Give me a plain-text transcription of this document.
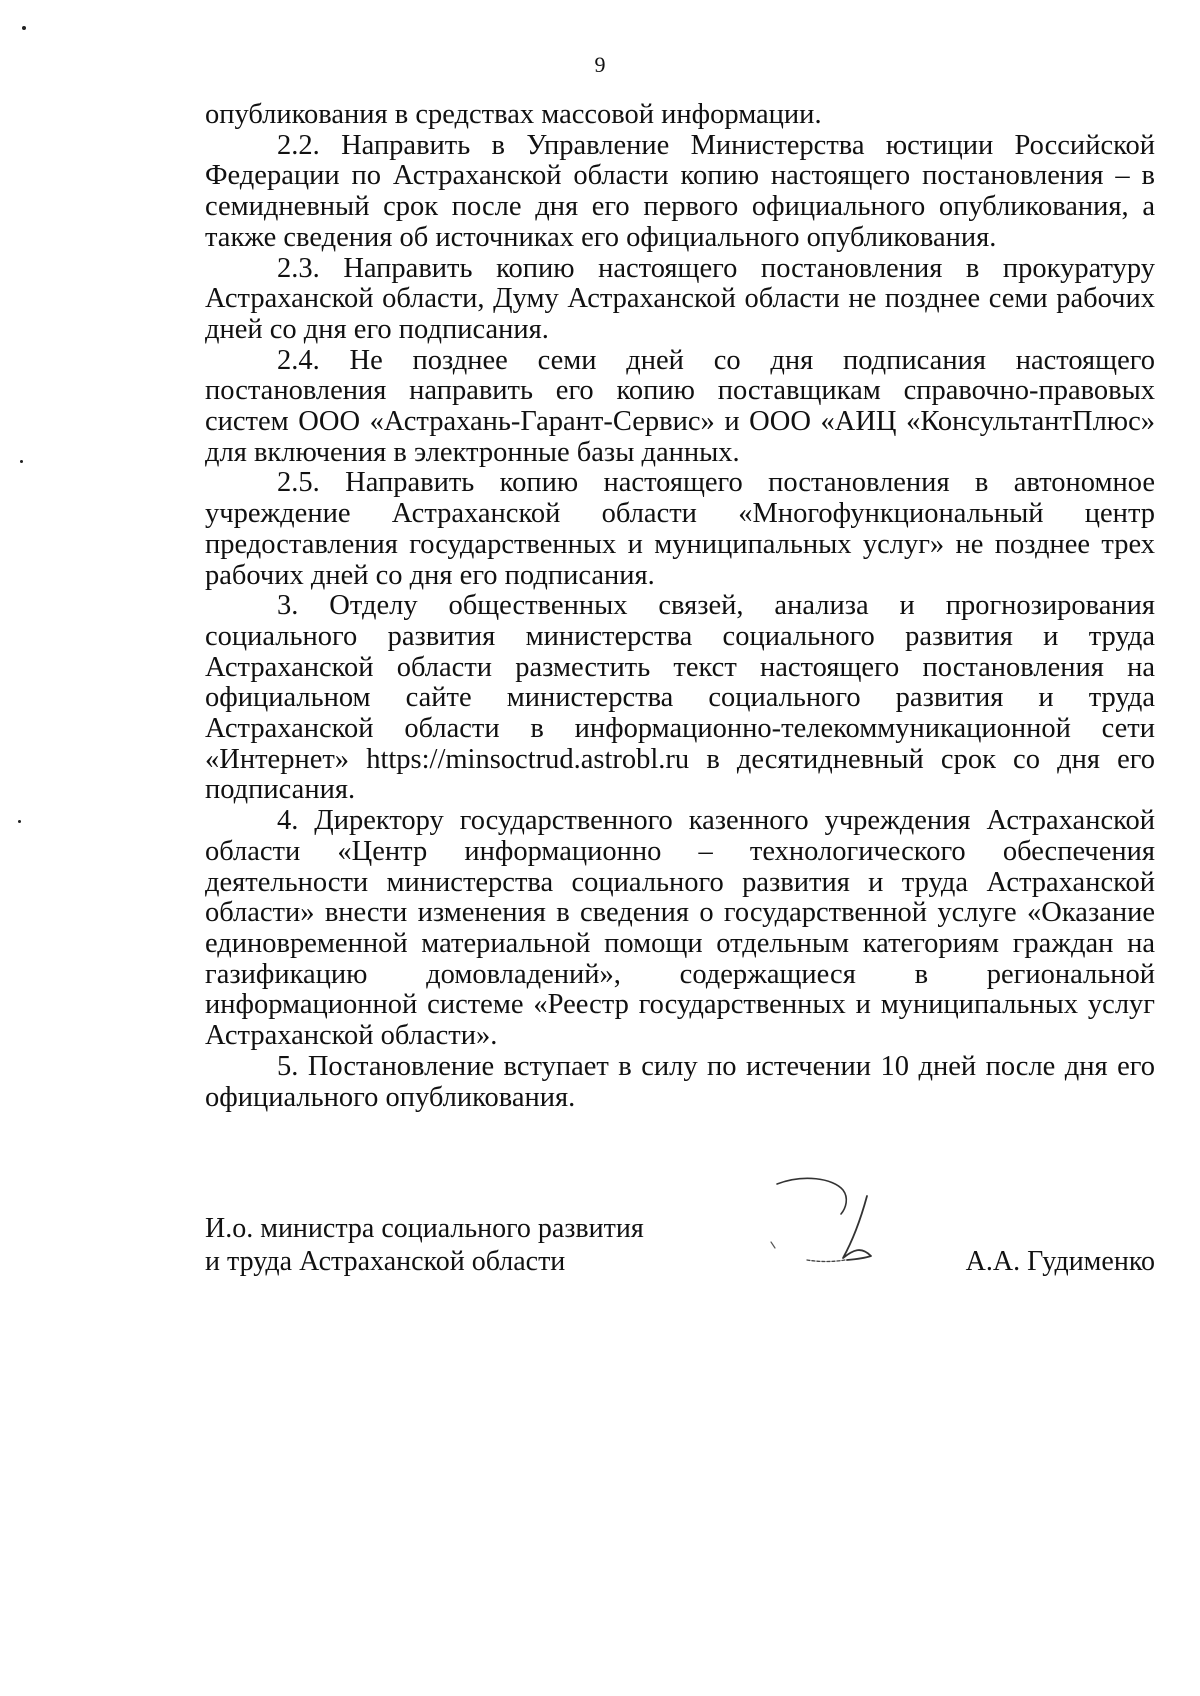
9

опубликования в средствах массовой информации.

2.2. Направить в Управление Министерства юстиции Российской Федерации по Астраханской области копию настоящего постановления – в семидневный срок после дня его первого официального опубликования, а также сведения об источниках его официального опубликования.

2.3. Направить копию настоящего постановления в прокуратуру Астраханской области, Думу Астраханской области не позднее семи рабочих дней со дня его подписания.

2.4. Не позднее семи дней со дня подписания настоящего постановления направить его копию поставщикам справочно-правовых систем ООО «Астрахань-Гарант-Сервис» и ООО «АИЦ «КонсультантПлюс» для включения в электронные базы данных.

2.5. Направить копию настоящего постановления в автономное учреждение Астраханской области «Многофункциональный центр предоставления государственных и муниципальных услуг» не позднее трех рабочих дней со дня его подписания.

3. Отделу общественных связей, анализа и прогнозирования социального развития министерства социального развития и труда Астраханской области разместить текст настоящего постановления на официальном сайте министерства социального развития и труда Астраханской области в информационно-телекоммуникационной сети «Интернет» https://minsoctrud.astrobl.ru в десятидневный срок со дня его подписания.

4. Директору государственного казенного учреждения Астраханской области «Центр информационно – технологического обеспечения деятельности министерства социального развития и труда Астраханской области» внести изменения в сведения о государственной услуге «Оказание единовременной материальной помощи отдельным категориям граждан на газификацию домовладений», содержащиеся в региональной информационной системе «Реестр государственных и муниципальных услуг Астраханской области».

5. Постановление вступает в силу по истечении 10 дней после дня его официального опубликования.

И.о. министра социального развития
и труда Астраханской области	А.А. Гудименко
